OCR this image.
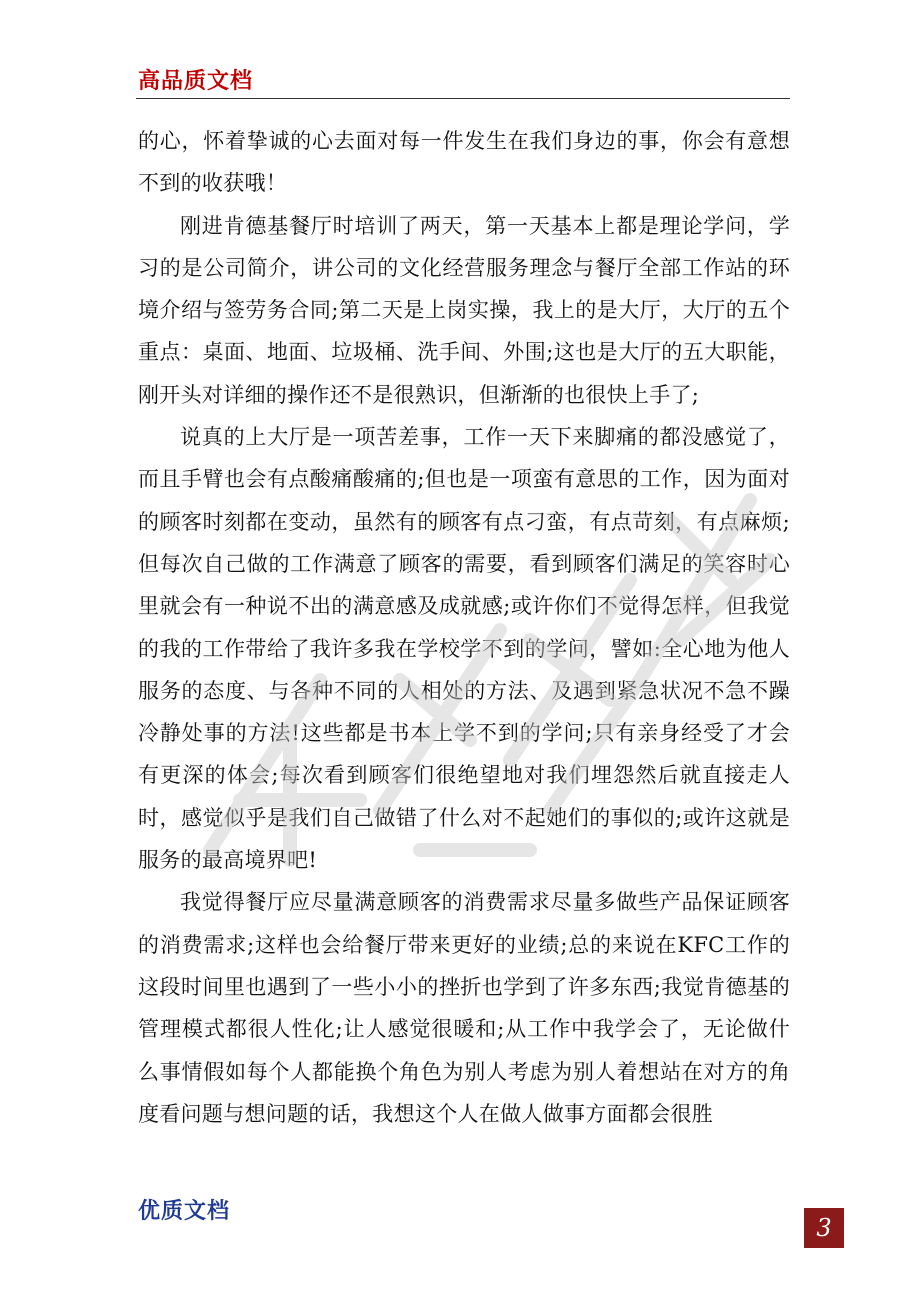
高品质文档

的心，怀着挚诚的心去面对每一件发生在我们身边的事，你会有意想不到的收获哦！

刚进肯德基餐厅时培训了两天，第一天基本上都是理论学问，学习的是公司简介，讲公司的文化经营服务理念与餐厅全部工作站的环境介绍与签劳务合同;第二天是上岗实操，我上的是大厅，大厅的五个重点：桌面、地面、垃圾桶、洗手间、外围;这也是大厅的五大职能，刚开头对详细的操作还不是很熟识，但渐渐的也很快上手了;

说真的上大厅是一项苦差事，工作一天下来脚痛的都没感觉了，而且手臂也会有点酸痛酸痛的;但也是一项蛮有意思的工作，因为面对的顾客时刻都在变动，虽然有的顾客有点刁蛮，有点苛刻，有点麻烦;但每次自己做的工作满意了顾客的需要，看到顾客们满足的笑容时心里就会有一种说不出的满意感及成就感;或许你们不觉得怎样，但我觉的我的工作带给了我许多我在学校学不到的学问，譬如:全心地为他人服务的态度、与各种不同的人相处的方法、及遇到紧急状况不急不躁冷静处事的方法!这些都是书本上学不到的学问;只有亲身经受了才会有更深的体会;每次看到顾客们很绝望地对我们埋怨然后就直接走人时，感觉似乎是我们自己做错了什么对不起她们的事似的;或许这就是服务的最高境界吧!

我觉得餐厅应尽量满意顾客的消费需求尽量多做些产品保证顾客的消费需求;这样也会给餐厅带来更好的业绩;总的来说在KFC工作的这段时间里也遇到了一些小小的挫折也学到了许多东西;我觉肯德基的管理模式都很人性化;让人感觉很暖和;从工作中我学会了，无论做什么事情假如每个人都能换个角色为别人考虑为别人着想站在对方的角度看问题与想问题的话，我想这个人在做人做事方面都会很胜

优质文档
3
